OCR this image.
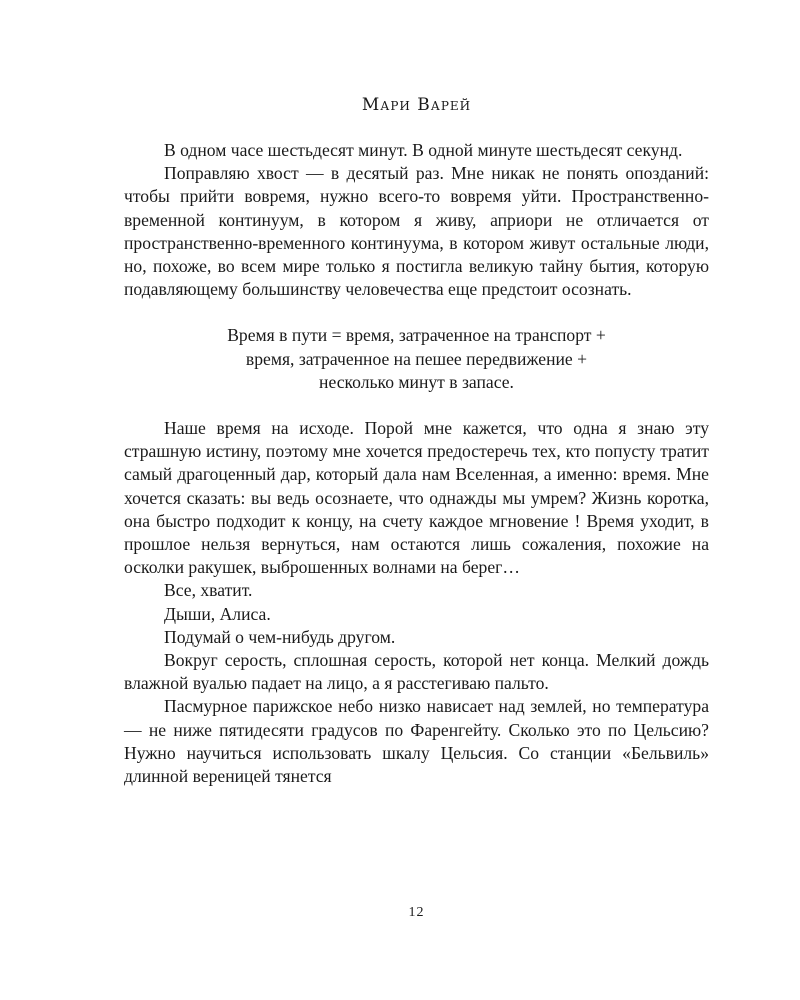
Мари Варей

В одном часе шестьдесят минут. В одной минуте шестьдесят секунд.

Поправляю хвост — в десятый раз. Мне никак не понять опозданий: чтобы прийти вовремя, нужно всего-то вовремя уйти. Пространственно-временной континуум, в котором я живу, априори не отличается от пространственно-временного континуума, в котором живут остальные люди, но, похоже, во всем мире только я постигла великую тайну бытия, которую подавляющему большинству человечества еще предстоит осознать.

Время в пути = время, затраченное на транспорт +
время, затраченное на пешее передвижение +
несколько минут в запасе.

Наше время на исходе. Порой мне кажется, что одна я знаю эту страшную истину, поэтому мне хочется предостеречь тех, кто попусту тратит самый драгоценный дар, который дала нам Вселенная, а именно: время. Мне хочется сказать: вы ведь осознаете, что однажды мы умрем? Жизнь коротка, она быстро подходит к концу, на счету каждое мгновение ! Время уходит, в прошлое нельзя вернуться, нам остаются лишь сожаления, похожие на осколки ракушек, выброшенных волнами на берег…

Все, хватит.

Дыши, Алиса.

Подумай о чем-нибудь другом.

Вокруг серость, сплошная серость, которой нет конца. Мелкий дождь влажной вуалью падает на лицо, а я расстегиваю пальто.

Пасмурное парижское небо низко нависает над землей, но температура — не ниже пятидесяти градусов по Фаренгейту. Сколько это по Цельсию? Нужно научиться использовать шкалу Цельсия. Со станции «Бельвиль» длинной вереницей тянется

12
